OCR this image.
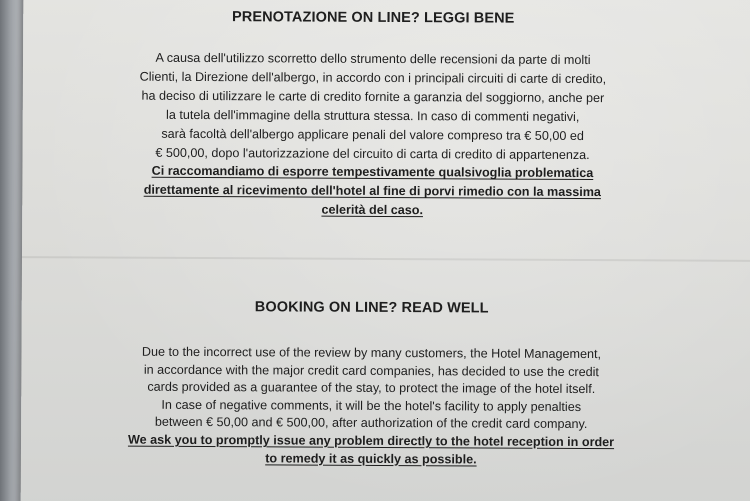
PRENOTAZIONE ON LINE? LEGGI BENE
A causa dell'utilizzo scorretto dello strumento delle recensioni da parte di molti
Clienti, la Direzione dell'albergo, in accordo con i principali circuiti di carte di credito,
ha deciso di utilizzare le carte di credito fornite a garanzia del soggiorno, anche per
la tutela dell'immagine della struttura stessa. In caso di commenti negativi,
sarà facoltà dell'albergo applicare penali del valore compreso tra € 50,00 ed
€ 500,00, dopo l'autorizzazione del circuito di carta di credito di appartenenza.
Ci raccomandiamo di esporre tempestivamente qualsivoglia problematica
direttamente al ricevimento dell'hotel al fine di porvi rimedio con la massima
celerità del caso.
BOOKING ON LINE? READ WELL
Due to the incorrect use of the review by many customers, the Hotel Management,
in accordance with the major credit card companies, has decided to use the credit
cards provided as a guarantee of the stay, to protect the image of the hotel itself.
In case of negative comments, it will be the hotel's facility to apply penalties
between € 50,00 and € 500,00, after authorization of the credit card company.
We ask you to promptly issue any problem directly to the hotel reception in order
to remedy it as quickly as possible.
